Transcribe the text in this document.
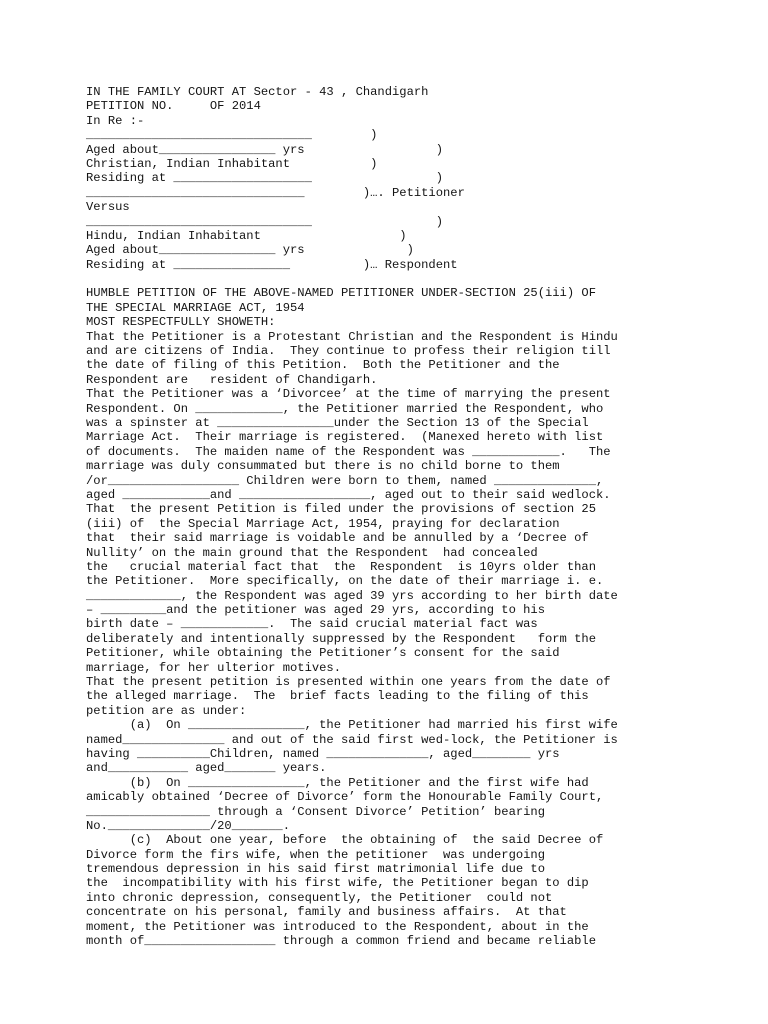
IN THE FAMILY COURT AT Sector - 43 , Chandigarh
PETITION NO.     OF 2014
In Re :-
_______________________________        )
Aged about________________ yrs                  )
Christian, Indian Inhabitant           )
Residing at ___________________                 )
______________________________        )…. Petitioner
Versus
_______________________________                 )
Hindu, Indian Inhabitant                   )
Aged about________________ yrs              )
Residing at ________________          )… Respondent
HUMBLE PETITION OF THE ABOVE-NAMED PETITIONER UNDER-SECTION 25(iii) OF
THE SPECIAL MARRIAGE ACT, 1954
MOST RESPECTFULLY SHOWETH:
That the Petitioner is a Protestant Christian and the Respondent is Hindu
and are citizens of India.  They continue to profess their religion till
the date of filing of this Petition.  Both the Petitioner and the
Respondent are   resident of Chandigarh.
That the Petitioner was a ‘Divorcee’ at the time of marrying the present
Respondent. On ____________, the Petitioner married the Respondent, who
was a spinster at ________________under the Section 13 of the Special
Marriage Act.  Their marriage is registered.  (Manexed hereto with list
of documents.  The maiden name of the Respondent was ____________.   The
marriage was duly consummated but there is no child borne to them
/or__________________ Children were born to them, named ______________,
aged ____________and __________________, aged out to their said wedlock.
That  the present Petition is filed under the provisions of section 25
(iii) of  the Special Marriage Act, 1954, praying for declaration
that  their said marriage is voidable and be annulled by a ‘Decree of
Nullity’ on the main ground that the Respondent  had concealed
the   crucial material fact that  the  Respondent  is 10yrs older than
the Petitioner.  More specifically, on the date of their marriage i. e.
_____________, the Respondent was aged 39 yrs according to her birth date
– _________and the petitioner was aged 29 yrs, according to his
birth date – ____________.  The said crucial material fact was
deliberately and intentionally suppressed by the Respondent   form the
Petitioner, while obtaining the Petitioner’s consent for the said
marriage, for her ulterior motives.
That the present petition is presented within one years from the date of
the alleged marriage.  The  brief facts leading to the filing of this
petition are as under:
(a)  On ________________, the Petitioner had married his first wife
named______________ and out of the said first wed-lock, the Petitioner is
having __________Children, named ______________, aged________ yrs
and___________ aged_______ years.
(b)  On ________________, the Petitioner and the first wife had
amicably obtained ‘Decree of Divorce’ form the Honourable Family Court,
_________________ through a ‘Consent Divorce’ Petition’ bearing
No.______________/20_______.
(c)  About one year, before  the obtaining of  the said Decree of
Divorce form the firs wife, when the petitioner  was undergoing
tremendous depression in his said first matrimonial life due to
the  incompatibility with his first wife, the Petitioner began to dip
into chronic depression, consequently, the Petitioner  could not
concentrate on his personal, family and business affairs.  At that
moment, the Petitioner was introduced to the Respondent, about in the
month of__________________ through a common friend and became reliable
